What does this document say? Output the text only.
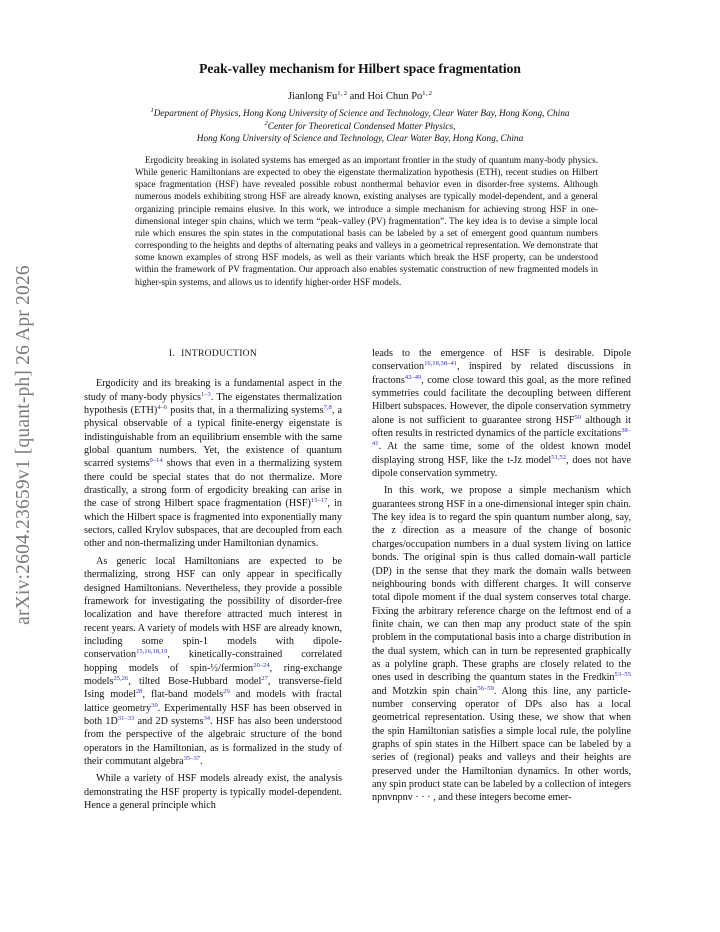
arXiv:2604.23659v1 [quant-ph] 26 Apr 2026
Peak-valley mechanism for Hilbert space fragmentation
Jianlong Fu$^{1, 2}$ and Hoi Chun Po$^{1, 2}$
$^1$Department of Physics, Hong Kong University of Science and Technology, Clear Water Bay, Hong Kong, China
$^2$Center for Theoretical Condensed Matter Physics,
Hong Kong University of Science and Technology, Clear Water Bay, Hong Kong, China

Ergodicity breaking in isolated systems has emerged as an important frontier in the study of quantum many-body physics. While generic Hamiltonians are expected to obey the eigenstate thermalization hypothesis (ETH), recent studies on Hilbert space fragmentation (HSF) have revealed possible robust nonthermal behavior even in disorder-free systems. Although numerous models exhibiting strong HSF are already known, existing analyses are typically model-dependent, and a general organizing principle remains elusive. In this work, we introduce a simple mechanism for achieving strong HSF in one-dimensional integer spin chains, which we term “peak–valley (PV) fragmentation”. The key idea is to devise a simple local rule which ensures the spin states in the computational basis can be labeled by a set of emergent good quantum numbers corresponding to the heights and depths of alternating peaks and valleys in a geometrical representation. We demonstrate that some known examples of strong HSF models, as well as their variants which break the HSF property, can be understood within the framework of PV fragmentation. Our approach also enables systematic construction of new fragmented models in higher-spin systems, and allows us to identify higher-order HSF models.

I. INTRODUCTION

Ergodicity and its breaking is a fundamental aspect in the study of many-body physics$^{1-3}$. The eigenstates thermalization hypothesis (ETH)$^{4-6}$ posits that, in a thermalizing systems$^{7,8}$, a physical observable of a typical finite-energy eigenstate is indistinguishable from an equilibrium ensemble with the same global quantum numbers. Yet, the existence of quantum scarred systems$^{9-14}$ shows that even in a thermalizing system there could be special states that do not thermalize. More drastically, a strong form of ergodicity breaking can arise in the case of strong Hilbert space fragmentation (HSF)$^{15-17}$, in which the Hilbert space is fragmented into exponentially many sectors, called Krylov subspaces, that are decoupled from each other and non-thermalizing under Hamiltonian dynamics.

As generic local Hamiltonians are expected to be thermalizing, strong HSF can only appear in specifically designed Hamiltonians. Nevertheless, they provide a possible framework for investigating the possibility of disorder-free localization and have therefore attracted much interest in recent years. A variety of models with HSF are already known, including some spin-1 models with dipole-conservation$^{15,16,18,19}$, kinetically-constrained correlated hopping models of spin-½/fermion$^{20-24}$, ring-exchange models$^{25,26}$, tilted Bose-Hubbard model$^{27}$, transverse-field Ising model$^{28}$, flat-band models$^{29}$ and models with fractal lattice geometry$^{30}$. Experimentally HSF has been observed in both 1D$^{31-33}$ and 2D systems$^{34}$. HSF has also been understood from the perspective of the algebraic structure of the bond operators in the Hamiltonian, as is formalized in the study of their commutant algebra$^{35-37}$.

While a variety of HSF models already exist, the analysis demonstrating the HSF property is typically model-dependent. Hence a general principle which

leads to the emergence of HSF is desirable. Dipole conservation$^{16,18,38-41}$, inspired by related discussions in fractons$^{42-49}$, come close toward this goal, as the more refined symmetries could facilitate the decoupling between different Hilbert subspaces. However, the dipole conservation symmetry alone is not sufficient to guarantee strong HSF$^{50}$ although it often results in restricted dynamics of the particle excitations$^{38-41}$. At the same time, some of the oldest known model displaying strong HSF, like the t-Jz model$^{51,52}$, does not have dipole conservation symmetry.

In this work, we propose a simple mechanism which guarantees strong HSF in a one-dimensional integer spin chain. The key idea is to regard the spin quantum number along, say, the z direction as a measure of the change of bosonic charges/occupation numbers in a dual system living on lattice bonds. The original spin is thus called domain-wall particle (DP) in the sense that they mark the domain walls between neighbouring bonds with different charges. It will conserve total dipole moment if the dual system conserves total charge. Fixing the arbitrary reference charge on the leftmost end of a finite chain, we can then map any product state of the spin problem in the computational basis into a charge distribution in the dual system, which can in turn be represented graphically as a polyline graph. These graphs are closely related to the ones used in describing the quantum states in the Fredkin$^{53-55}$ and Motzkin spin chain$^{56-59}$. Along this line, any particle-number conserving operator of DPs also has a local geometrical representation. Using these, we show that when the spin Hamiltonian satisfies a simple local rule, the polyline graphs of spin states in the Hilbert space can be labeled by a series of (regional) peaks and valleys and their heights are preserved under the Hamiltonian dynamics. In other words, any spin product state can be labeled by a collection of integers npnvnpnv · · · , and these integers become emer-
